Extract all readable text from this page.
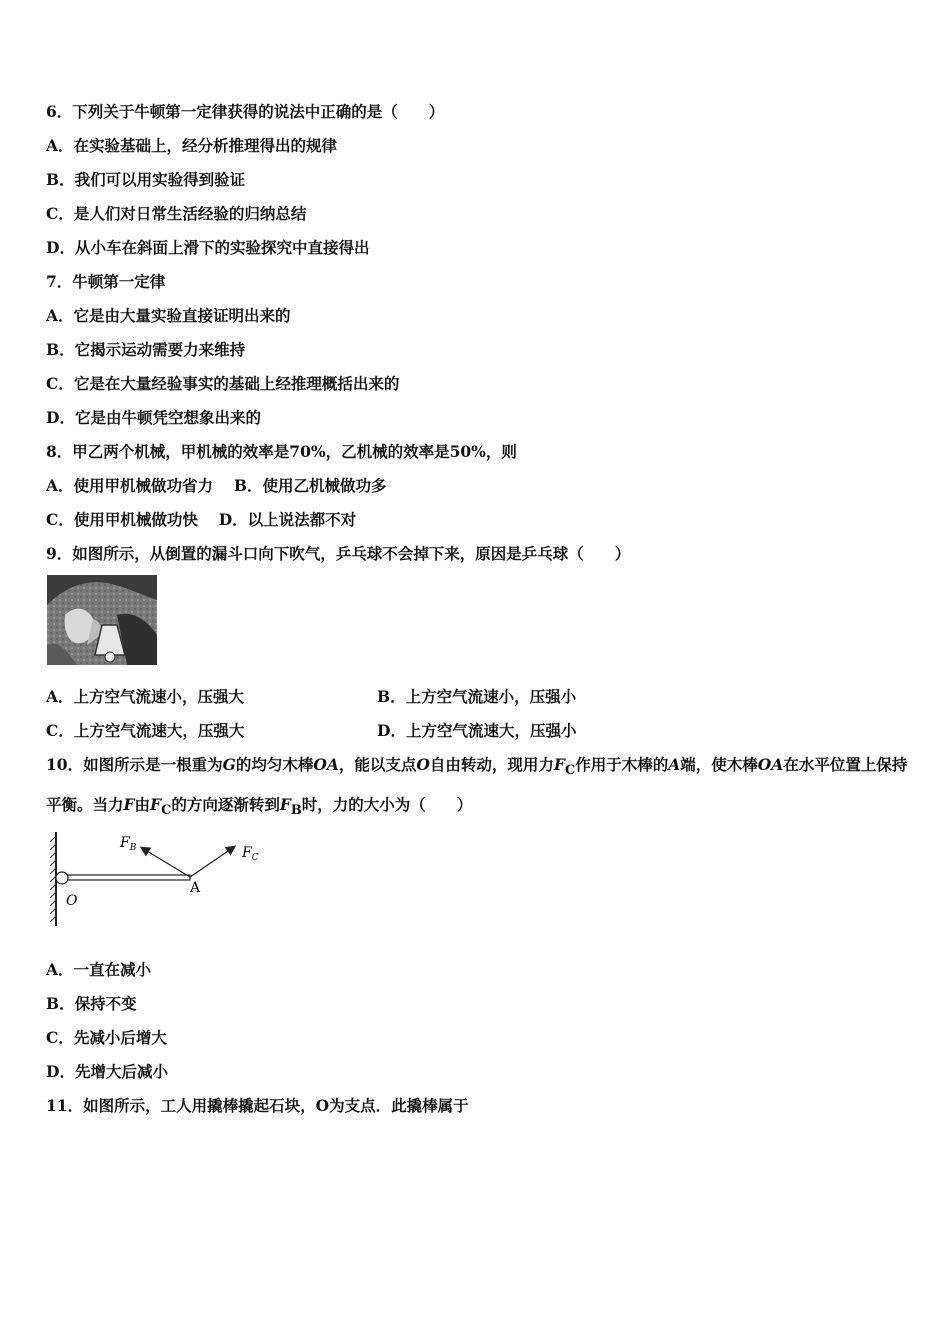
6．下列关于牛顿第一定律获得的说法中正确的是（　　）
A．在实验基础上，经分析推理得出的规律
B．我们可以用实验得到验证
C．是人们对日常生活经验的归纳总结
D．从小车在斜面上滑下的实验探究中直接得出
7．牛顿第一定律
A．它是由大量实验直接证明出来的
B．它揭示运动需要力来维持
C．它是在大量经验事实的基础上经推理概括出来的
D．它是由牛顿凭空想象出来的
8．甲乙两个机械，甲机械的效率是70%，乙机械的效率是50%，则
A．使用甲机械做功省力　 B．使用乙机械做功多
C．使用甲机械做功快　 D．以上说法都不对
9．如图所示，从倒置的漏斗口向下吹气，乒乓球不会掉下来，原因是乒乓球（　　）
A．上方空气流速小，压强大	B．上方空气流速小，压强小
C．上方空气流速大，压强大	D．上方空气流速大，压强小
10．如图所示是一根重为G的均匀木棒OA，能以支点O自由转动，现用力$F_C$作用于木棒的A端，使木棒OA在水平位置上保持平衡。当力F由$F_C$的方向逐渐转到$F_B$时，力的大小为（　　）
$F_B$	$F_C$
A
O
A．一直在减小
B．保持不变
C．先减小后增大
D．先增大后减小
11．如图所示，工人用撬棒撬起石块，O为支点．此撬棒属于
